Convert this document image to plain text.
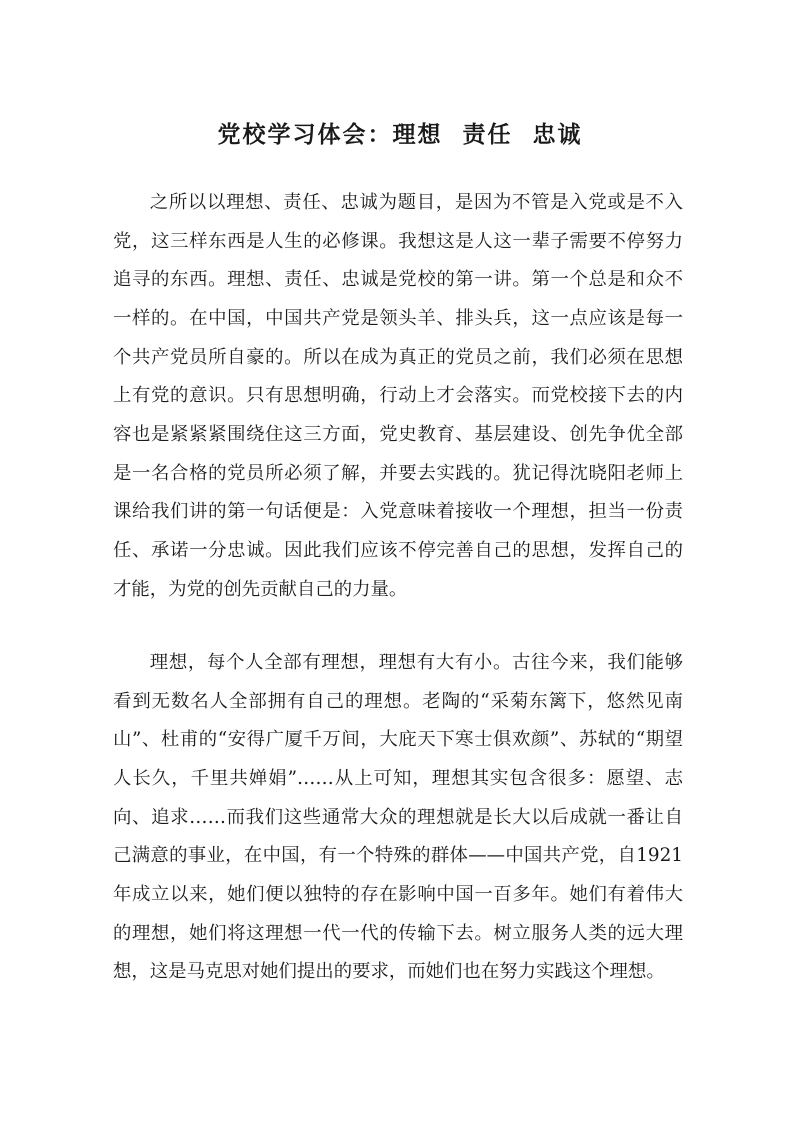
党校学习体会：理想  责任  忠诚

之所以以理想、责任、忠诚为题目，是因为不管是入党或是不入党，这三样东西是人生的必修课。我想这是人这一辈子需要不停努力追寻的东西。理想、责任、忠诚是党校的第一讲。第一个总是和众不一样的。在中国，中国共产党是领头羊、排头兵，这一点应该是每一个共产党员所自豪的。所以在成为真正的党员之前，我们必须在思想上有党的意识。只有思想明确，行动上才会落实。而党校接下去的内容也是紧紧紧围绕住这三方面，党史教育、基层建设、创先争优全部是一名合格的党员所必须了解，并要去实践的。犹记得沈晓阳老师上课给我们讲的第一句话便是：入党意味着接收一个理想，担当一份责任、承诺一分忠诚。因此我们应该不停完善自己的思想，发挥自己的才能，为党的创先贡献自己的力量。

理想，每个人全部有理想，理想有大有小。古往今来，我们能够看到无数名人全部拥有自己的理想。老陶的“采菊东篱下，悠然见南山”、杜甫的“安得广厦千万间，大庇天下寒士俱欢颜”、苏轼的“期望人长久，千里共婵娟”……从上可知，理想其实包含很多：愿望、志向、追求……而我们这些通常大众的理想就是长大以后成就一番让自己满意的事业，在中国，有一个特殊的群体——中国共产党，自1921年成立以来，她们便以独特的存在影响中国一百多年。她们有着伟大的理想，她们将这理想一代一代的传输下去。树立服务人类的远大理想，这是马克思对她们提出的要求，而她们也在努力实践这个理想。
